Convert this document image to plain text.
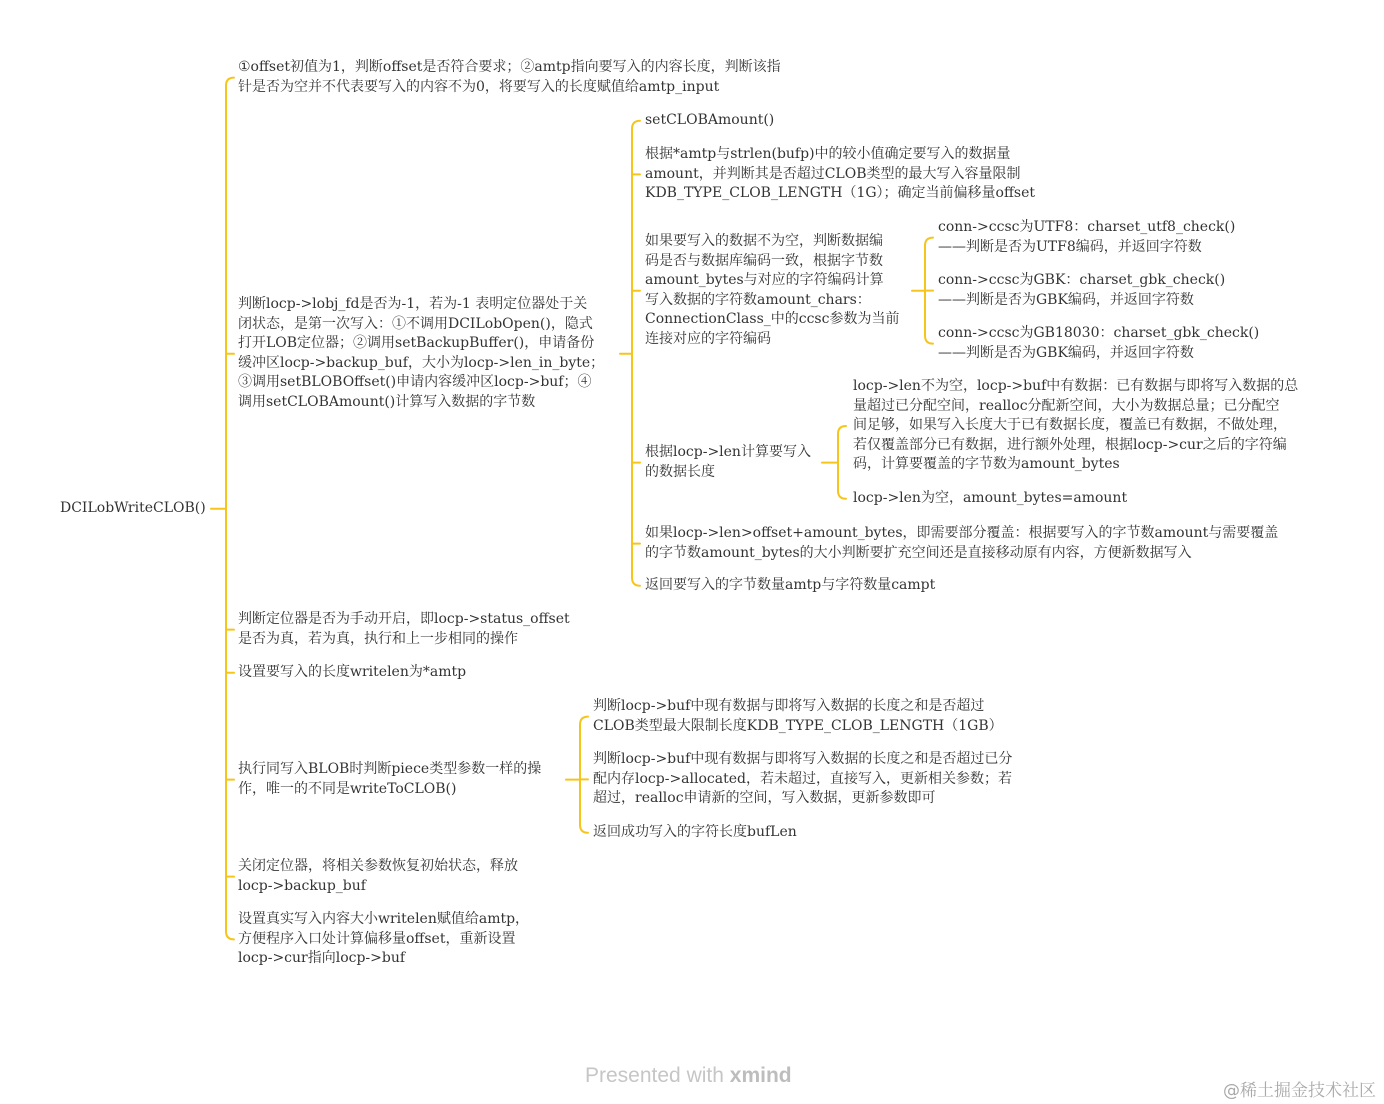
DCILobWriteCLOB()
①offset初值为1，判断offset是否符合要求；②amtp指向要写入的内容长度，判断该指
针是否为空并不代表要写入的内容不为0，将要写入的长度赋值给amtp_input
判断locp->lobj_fd是否为-1，若为-1 表明定位器处于关
闭状态，是第一次写入：①不调用DCILobOpen()，隐式
打开LOB定位器；②调用setBackupBuffer()，申请备份
缓冲区locp->backup_buf，大小为locp->len_in_byte；
③调用setBLOBOffset()申请内容缓冲区locp->buf；④
调用setCLOBAmount()计算写入数据的字节数
setCLOBAmount()
根据*amtp与strlen(bufp)中的较小值确定要写入的数据量
amount，并判断其是否超过CLOB类型的最大写入容量限制
KDB_TYPE_CLOB_LENGTH（1G）；确定当前偏移量offset
如果要写入的数据不为空，判断数据编
码是否与数据库编码一致，根据字节数
amount_bytes与对应的字符编码计算
写入数据的字符数amount_chars：
ConnectionClass_中的ccsc参数为当前
连接对应的字符编码
conn->ccsc为UTF8：charset_utf8_check()
——判断是否为UTF8编码，并返回字符数
conn->ccsc为GBK：charset_gbk_check()
——判断是否为GBK编码，并返回字符数
conn->ccsc为GB18030：charset_gbk_check()
——判断是否为GBK编码，并返回字符数
根据locp->len计算要写入
的数据长度
locp->len不为空，locp->buf中有数据：已有数据与即将写入数据的总
量超过已分配空间，realloc分配新空间，大小为数据总量；已分配空
间足够，如果写入长度大于已有数据长度，覆盖已有数据，不做处理，
若仅覆盖部分已有数据，进行额外处理，根据locp->cur之后的字符编
码，计算要覆盖的字节数为amount_bytes
locp->len为空，amount_bytes=amount
如果locp->len>offset+amount_bytes，即需要部分覆盖：根据要写入的字节数amount与需要覆盖
的字节数amount_bytes的大小判断要扩充空间还是直接移动原有内容，方便新数据写入
返回要写入的字节数量amtp与字符数量campt
判断定位器是否为手动开启，即locp->status_offset
是否为真，若为真，执行和上一步相同的操作
设置要写入的长度writelen为*amtp
执行同写入BLOB时判断piece类型参数一样的操
作，唯一的不同是writeToCLOB()
判断locp->buf中现有数据与即将写入数据的长度之和是否超过
CLOB类型最大限制长度KDB_TYPE_CLOB_LENGTH（1GB）
判断locp->buf中现有数据与即将写入数据的长度之和是否超过已分
配内存locp->allocated，若未超过，直接写入，更新相关参数；若
超过，realloc申请新的空间，写入数据，更新参数即可
返回成功写入的字符长度bufLen
关闭定位器，将相关参数恢复初始状态，释放
locp->backup_buf
设置真实写入内容大小writelen赋值给amtp，
方便程序入口处计算偏移量offset，重新设置
locp->cur指向locp->buf
Presented with xmind
@稀土掘金技术社区
